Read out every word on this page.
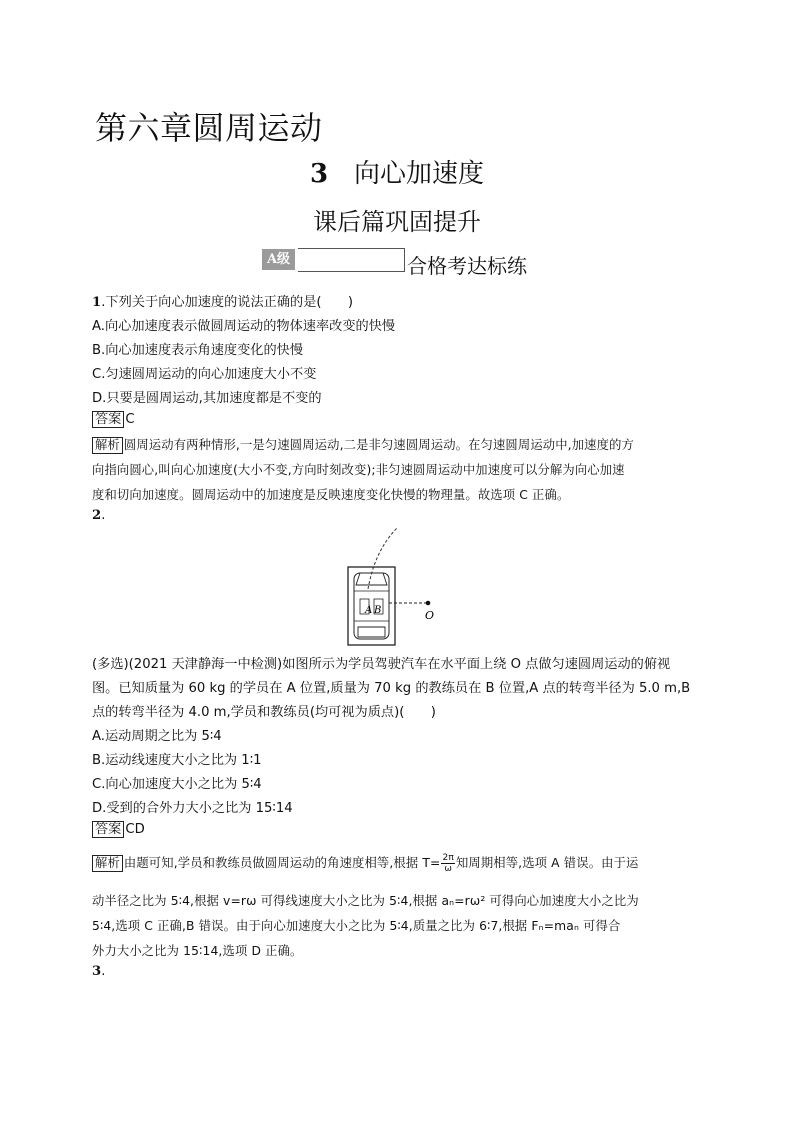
第六章圆周运动
3 向心加速度
课后篇巩固提升
A级	合格考达标练
1.下列关于向心加速度的说法正确的是(　　)
A.向心加速度表示做圆周运动的物体速率改变的快慢
B.向心加速度表示角速度变化的快慢
C.匀速圆周运动的向心加速度大小不变
D.只要是圆周运动,其加速度都是不变的
答案 C
解析 圆周运动有两种情形,一是匀速圆周运动,二是非匀速圆周运动。在匀速圆周运动中,加速度的方
向指向圆心,叫向心加速度(大小不变,方向时刻改变);非匀速圆周运动中加速度可以分解为向心加速
度和切向加速度。圆周运动中的加速度是反映速度变化快慢的物理量。故选项 C 正确。
2.
A B	O
(多选)(2021 天津静海一中检测)如图所示为学员驾驶汽车在水平面上绕 O 点做匀速圆周运动的俯视
图。已知质量为 60 kg 的学员在 A 位置,质量为 70 kg 的教练员在 B 位置,A 点的转弯半径为 5.0 m,B
点的转弯半径为 4.0 m,学员和教练员(均可视为质点)(　　)
A.运动周期之比为 5∶4
B.运动线速度大小之比为 1∶1
C.向心加速度大小之比为 5∶4
D.受到的合外力大小之比为 15∶14
答案 CD
解析 由题可知,学员和教练员做圆周运动的角速度相等,根据 $T= \frac{2\pi}{\omega}$ 知周期相等,选项 A 错误。由于运
动半径之比为 5∶4,根据 v=rω 可得线速度大小之比为 5∶4,根据 aₙ=rω² 可得向心加速度大小之比为
5∶4,选项 C 正确,B 错误。由于向心加速度大小之比为 5∶4,质量之比为 6∶7,根据 Fₙ=maₙ 可得合
外力大小之比为 15∶14,选项 D 正确。
3.
